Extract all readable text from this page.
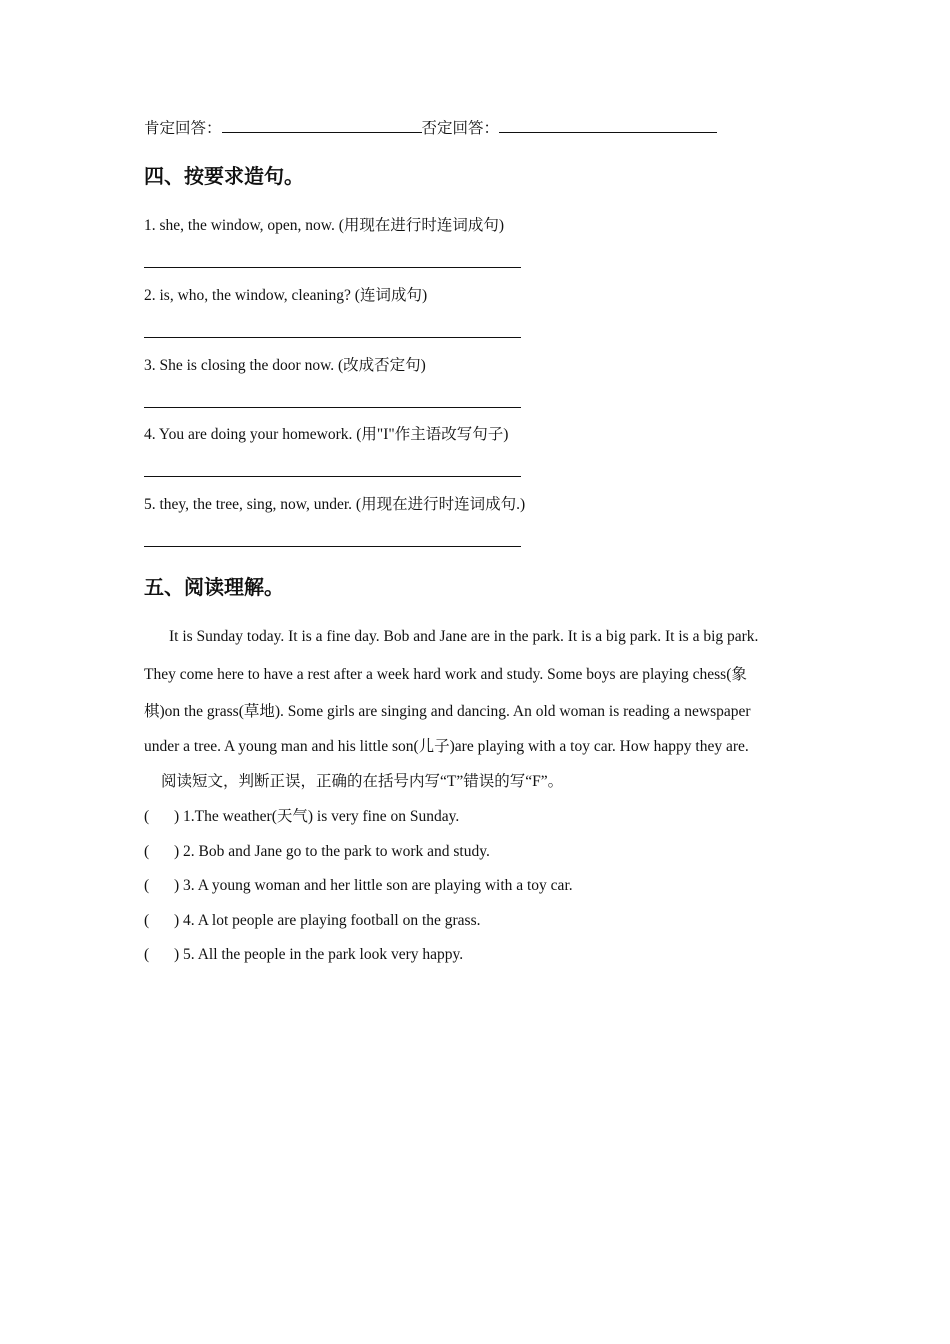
肯定回答：	否定回答：
四、按要求造句。
1. she, the window, open, now. (用现在进行时连词成句)
2. is, who, the window, cleaning? (连词成句)
3. She is closing the door now. (改成否定句)
4. You are doing your homework. (用"I"作主语改写句子)
5. they, the tree, sing, now, under. (用现在进行时连词成句.)
五、阅读理解。
It is Sunday today. It is a fine day. Bob and Jane are in the park. It is a big park. It is a big park.
They come here to have a rest after a week hard work and study. Some boys are playing chess(象
棋)on the grass(草地). Some girls are singing and dancing. An old woman is reading a newspaper
under a tree. A young man and his little son(儿子)are playing with a toy car. How happy they are.
阅读短文，判断正误，正确的在括号内写“T”错误的写“F”。
( ) 1.The weather(天气) is very fine on Sunday.
( ) 2. Bob and Jane go to the park to work and study.
( ) 3. A young woman and her little son are playing with a toy car.
( ) 4. A lot people are playing football on the grass.
( ) 5. All the people in the park look very happy.
